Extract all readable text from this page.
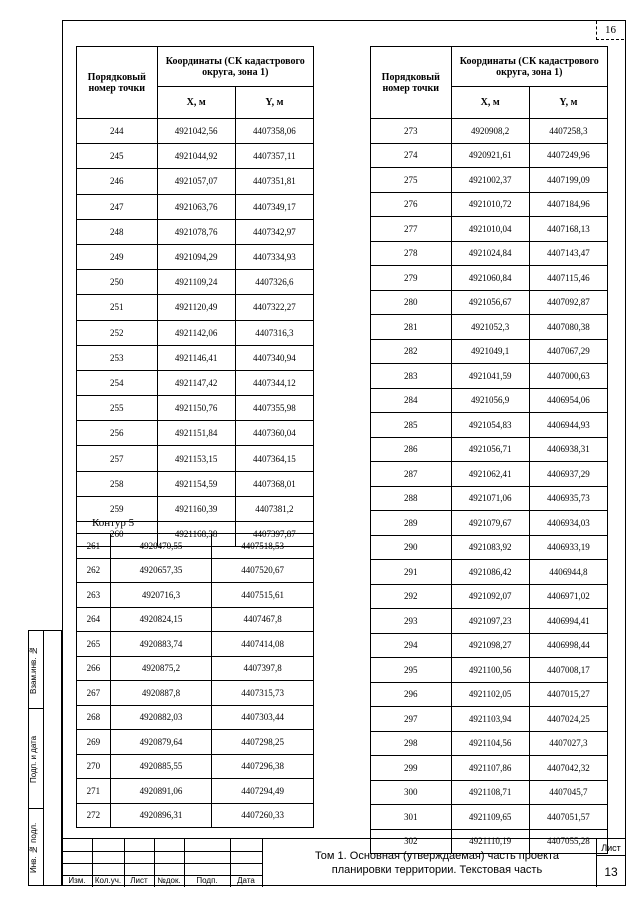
16
Порядковый номер точки	Координаты (СК кадастрового округа, зона 1)	
	X, м	Y, м
244	4921042,56	4407358,06
245	4921044,92	4407357,11
246	4921057,07	4407351,81
247	4921063,76	4407349,17
248	4921078,76	4407342,97
249	4921094,29	4407334,93
250	4921109,24	4407326,6
251	4921120,49	4407322,27
252	4921142,06	4407316,3
253	4921146,41	4407340,94
254	4921147,42	4407344,12
255	4921150,76	4407355,98
256	4921151,84	4407360,04
257	4921153,15	4407364,15
258	4921154,59	4407368,01
259	4921160,39	4407381,2
260	4921168,38	4407397,87
Контур 5
261	4920470,55	4407518,53
262	4920657,35	4407520,67
263	4920716,3	4407515,61
264	4920824,15	4407467,8
265	4920883,74	4407414,08
266	4920875,2	4407397,8
267	4920887,8	4407315,73
268	4920882,03	4407303,44
269	4920879,64	4407298,25
270	4920885,55	4407296,38
271	4920891,06	4407294,49
272	4920896,31	4407260,33
Порядковый номер точки	Координаты (СК кадастрового округа, зона 1)	
	X, м	Y, м
273	4920908,2	4407258,3
274	4920921,61	4407249,96
275	4921002,37	4407199,09
276	4921010,72	4407184,96
277	4921010,04	4407168,13
278	4921024,84	4407143,47
279	4921060,84	4407115,46
280	4921056,67	4407092,87
281	4921052,3	4407080,38
282	4921049,1	4407067,29
283	4921041,59	4407000,63
284	4921056,9	4406954,06
285	4921054,83	4406944,93
286	4921056,71	4406938,31
287	4921062,41	4406937,29
288	4921071,06	4406935,73
289	4921079,67	4406934,03
290	4921083,92	4406933,19
291	4921086,42	4406944,8
292	4921092,07	4406971,02
293	4921097,23	4406994,41
294	4921098,27	4406998,44
295	4921100,56	4407008,17
296	4921102,05	4407015,27
297	4921103,94	4407024,25
298	4921104,56	4407027,3
299	4921107,86	4407042,32
300	4921108,71	4407045,7
301	4921109,65	4407051,57
302	4921110,19	4407055,28
Взам.инв. №
Подп. и дата
Инв. № подл.
Изм.	Кол.уч.	Лист	№док.	Подп.	Дата
Том 1. Основная (утверждаемая) часть проекта
планировки территории. Текстовая часть
Лист
13
